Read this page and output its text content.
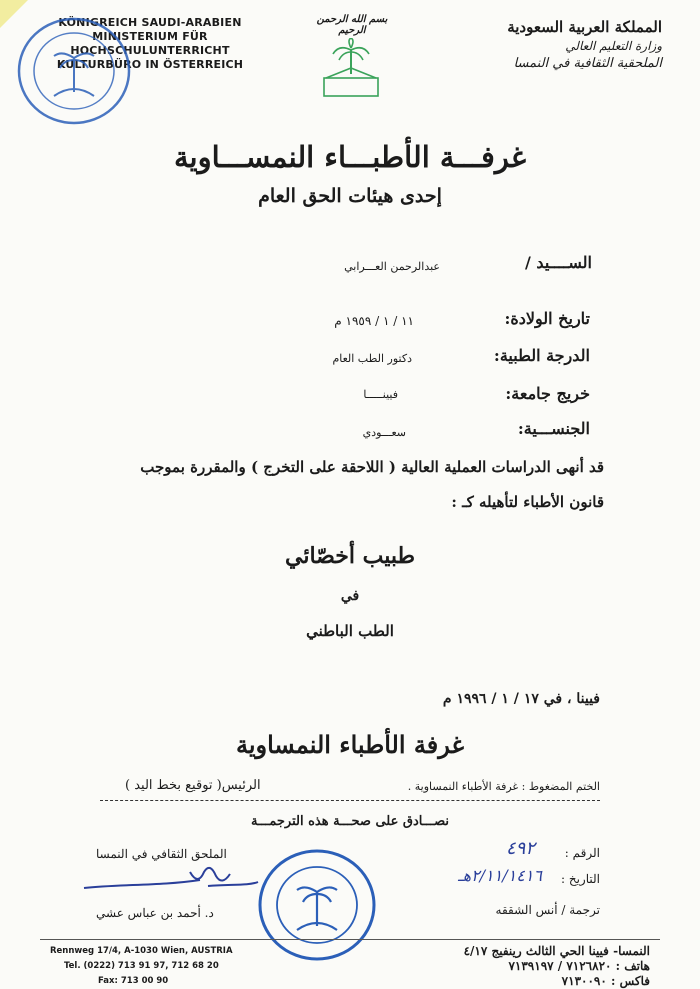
KÖNIGREICH SAUDI-ARABIEN
MINISTERIUM FÜR
HOCHSCHULUNTERRICHT
KULTURBÜRO IN ÖSTERREICH
بسم الله الرحمن الرحيم	المملكة العربية السعودية
وزارة التعليم العالي
الملحقية الثقافية في النمسا
غرفـــة الأطبـــاء النمســـاوية
إحدى هيئات الحق العام
الســــيد /
عبدالرحمن العـــرابي
تاريخ الولادة:
١١ / ١ / ١٩٥٩ م
الدرجة الطبية:
دكتور الطب العام
خريج جامعة:
فيينـــــا
الجنســـية:
سعـــودي
قد أنهى الدراسات العملية العالية ( اللاحقة على التخرج ) والمقررة بموجب
قانون الأطباء لتأهيله كـ :
طبيب أخصّائي
في
الطب الباطني
فيينا ، في ١٧ / ١ / ١٩٩٦ م
غرفة الأطباء النمساوية
الختم المضغوط : غرفة الأطباء النمساوية .
الرئيس( توقيع بخط اليد )
نصـــادق على صحـــة هذه الترجمـــة
الملحق الثقافي في النمسا
د. أحمد بن عباس عشي
الرقم :
٤٩٢
التاريخ :
٢/١١/١٤١٦هـ
ترجمة / أنس الشققه
Rennweg 17/4, A-1030 Wien, AUSTRIA
Tel. (0222) 713 91 97, 712 68 20
Fax: 713 00 90
النمسا- فيينا الحي الثالث رينفيج ٤/١٧
هاتف : ٧١٢٦٨٢٠ / ٧١٣٩١٩٧
فاكس : ٧١٣٠٠٩٠
